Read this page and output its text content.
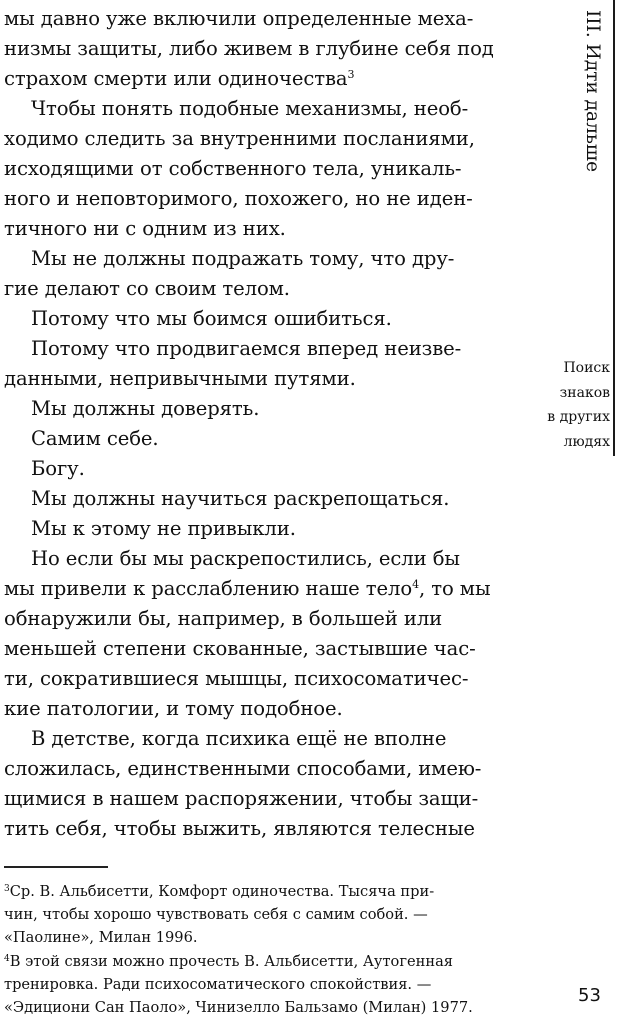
мы давно уже включили определенные меха-
низмы защиты, либо живем в глубине себя под
страхом смерти или одиночества$^3$
Чтобы понять подобные механизмы, необ-
ходимо следить за внутренними посланиями,
исходящими от собственного тела, уникаль-
ного и неповторимого, похожего, но не иден-
тичного ни с одним из них.
Мы не должны подражать тому, что дру-
гие делают со своим телом.
Потому что мы боимся ошибиться.
Потому что продвигаемся вперед неизве-
данными, непривычными путями.
Мы должны доверять.
Самим себе.
Богу.
Мы должны научиться раскрепощаться.
Мы к этому не привыкли.
Но если бы мы раскрепостились, если бы
мы привели к расслаблению наше тело$^4$, то мы
обнаружили бы, например, в большей или
меньшей степени скованные, застывшие час-
ти, сократившиеся мышцы, психосоматичес-
кие патологии, и тому подобное.
В детстве, когда психика ещё не вполне
сложилась, единственными способами, имею-
щимися в нашем распоряжении, чтобы защи-
тить себя, чтобы выжить, являются телесные
III. Идти дальше
Поиск
знаков
в других
людях
$^3$Ср. В. Альбисетти, Комфорт одиночества. Тысяча при-
чин, чтобы хорошо чувствовать себя с самим собой. —
«Паолине», Милан 1996.
$^4$В этой связи можно прочесть В. Альбисетти, Аутогенная
тренировка. Ради психосоматического спокойствия. —
«Эдициони Сан Паоло», Чинизелло Бальзамо (Милан) 1977.
53
